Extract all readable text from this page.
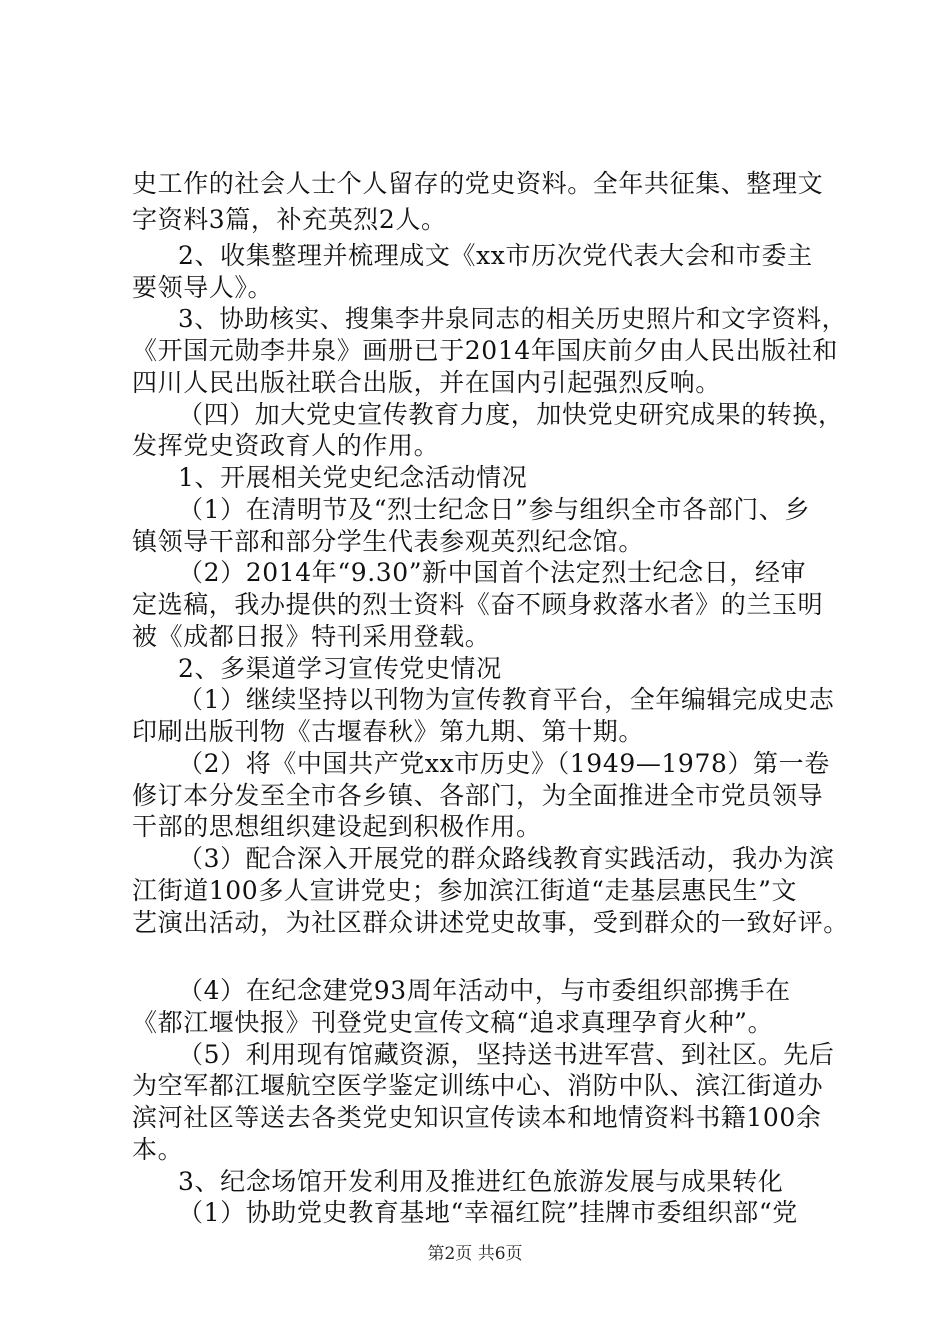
史工作的社会人士个人留存的党史资料。全年共征集、整理文
字资料3篇，补充英烈2人。
2、收集整理并梳理成文《xx市历次党代表大会和市委主
要领导人》。
3、协助核实、搜集李井泉同志的相关历史照片和文字资料，
《开国元勋李井泉》画册已于2014年国庆前夕由人民出版社和
四川人民出版社联合出版，并在国内引起强烈反响。
（四）加大党史宣传教育力度，加快党史研究成果的转换，
发挥党史资政育人的作用。
1、开展相关党史纪念活动情况
（1）在清明节及“烈士纪念日”参与组织全市各部门、乡
镇领导干部和部分学生代表参观英烈纪念馆。
（2）2014年“9.30”新中国首个法定烈士纪念日，经审
定选稿，我办提供的烈士资料《奋不顾身救落水者》的兰玉明
被《成都日报》特刊采用登载。
2、多渠道学习宣传党史情况
（1）继续坚持以刊物为宣传教育平台，全年编辑完成史志
印刷出版刊物《古堰春秋》第九期、第十期。
（2）将《中国共产党xx市历史》（1949—1978）第一卷
修订本分发至全市各乡镇、各部门，为全面推进全市党员领导
干部的思想组织建设起到积极作用。
（3）配合深入开展党的群众路线教育实践活动，我办为滨
江街道100多人宣讲党史；参加滨江街道“走基层惠民生”文
艺演出活动，为社区群众讲述党史故事，受到群众的一致好评。
（4）在纪念建党93周年活动中，与市委组织部携手在
《都江堰快报》刊登党史宣传文稿“追求真理孕育火种”。
（5）利用现有馆藏资源，坚持送书进军营、到社区。先后
为空军都江堰航空医学鉴定训练中心、消防中队、滨江街道办
滨河社区等送去各类党史知识宣传读本和地情资料书籍100余
本。
3、纪念场馆开发利用及推进红色旅游发展与成果转化
（1）协助党史教育基地“幸福红院”挂牌市委组织部“党
第2页 共6页
